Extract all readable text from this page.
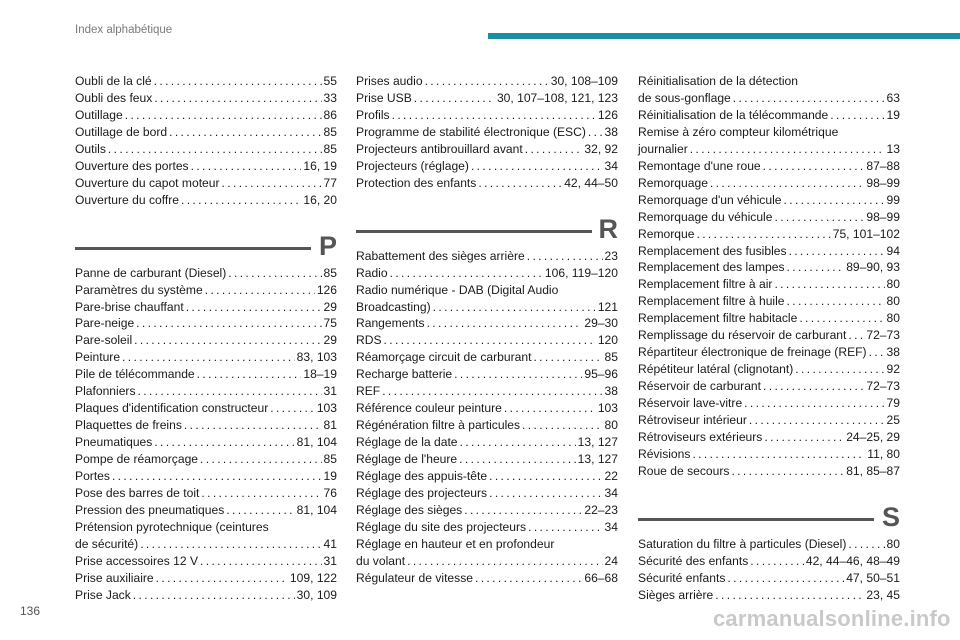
Index alphabétique
Oubli de la clé . . .	55
Oubli des feux . . .	33
Outillage . . .	86
Outillage de bord . . .	85
Outils . . .	85
Ouverture des portes . . .	16, 19
Ouverture du capot moteur . . .	77
Ouverture du coffre . . .	16, 20
P
Panne de carburant (Diesel) . . .	85
Paramètres du système . . .	126
Pare-brise chauffant . . .	29
Pare-neige . . .	75
Pare-soleil . . .	29
Peinture . . .	83, 103
Pile de télécommande . . .	18–19
Plafonniers . . .	31
Plaques d'identification constructeur . . .	103
Plaquettes de freins . . .	81
Pneumatiques . . .	81, 104
Pompe de réamorçage . . .	85
Portes . . .	19
Pose des barres de toit . . .	76
Pression des pneumatiques . . .	81, 104
Prétension pyrotechnique (ceintures
de sécurité) . . .	41
Prise accessoires 12 V . . .	31
Prise auxiliaire . . .	109, 122
Prise Jack . . .	30, 109
Prises audio . . .	30, 108–109
Prise USB . . .	30, 107–108, 121, 123
Profils . . .	126
Programme de stabilité électronique (ESC) . . . 38
Projecteurs antibrouillard avant . . .	32, 92
Projecteurs (réglage) . . .	34
Protection des enfants . . .	42, 44–50
R
Rabattement des sièges arrière . . .	23
Radio . . .	106, 119–120
Radio numérique - DAB (Digital Audio
Broadcasting) . . .	121
Rangements . . .	29–30
RDS . . .	120
Réamorçage circuit de carburant . . .	85
Recharge batterie . . .	95–96
REF . . .	38
Référence couleur peinture . . .	103
Régénération filtre à particules . . .	80
Réglage de la date . . .	13, 127
Réglage de l'heure . . .	13, 127
Réglage des appuis-tête . . .	22
Réglage des projecteurs . . .	34
Réglage des sièges . . .	22–23
Réglage du site des projecteurs . . .	34
Réglage en hauteur et en profondeur
du volant . . .	24
Régulateur de vitesse . . .	66–68
Réinitialisation de la détection
de sous-gonflage . . .	63
Réinitialisation de la télécommande . . .	19
Remise à zéro compteur kilométrique
journalier . . .	13
Remontage d'une roue . . .	87–88
Remorquage . . .	98–99
Remorquage d'un véhicule . . .	99
Remorquage du véhicule . . .	98–99
Remorque . . .	75, 101–102
Remplacement des fusibles . . .	94
Remplacement des lampes . . .	89–90, 93
Remplacement filtre à air . . .	80
Remplacement filtre à huile . . .	80
Remplacement filtre habitacle . . .	80
Remplissage du réservoir de carburant . . . 72–73
Répartiteur électronique de freinage (REF) . . . 38
Répétiteur latéral (clignotant) . . .	92
Réservoir de carburant . . .	72–73
Réservoir lave-vitre . . .	79
Rétroviseur intérieur . . .	25
Rétroviseurs extérieurs . . .	24–25, 29
Révisions . . .	11, 80
Roue de secours . . .	81, 85–87
S
Saturation du filtre à particules (Diesel) . . .	80
Sécurité des enfants . . .	42, 44–46, 48–49
Sécurité enfants . . .	47, 50–51
Sièges arrière . . .	23, 45
136	carmanualsonline.info
